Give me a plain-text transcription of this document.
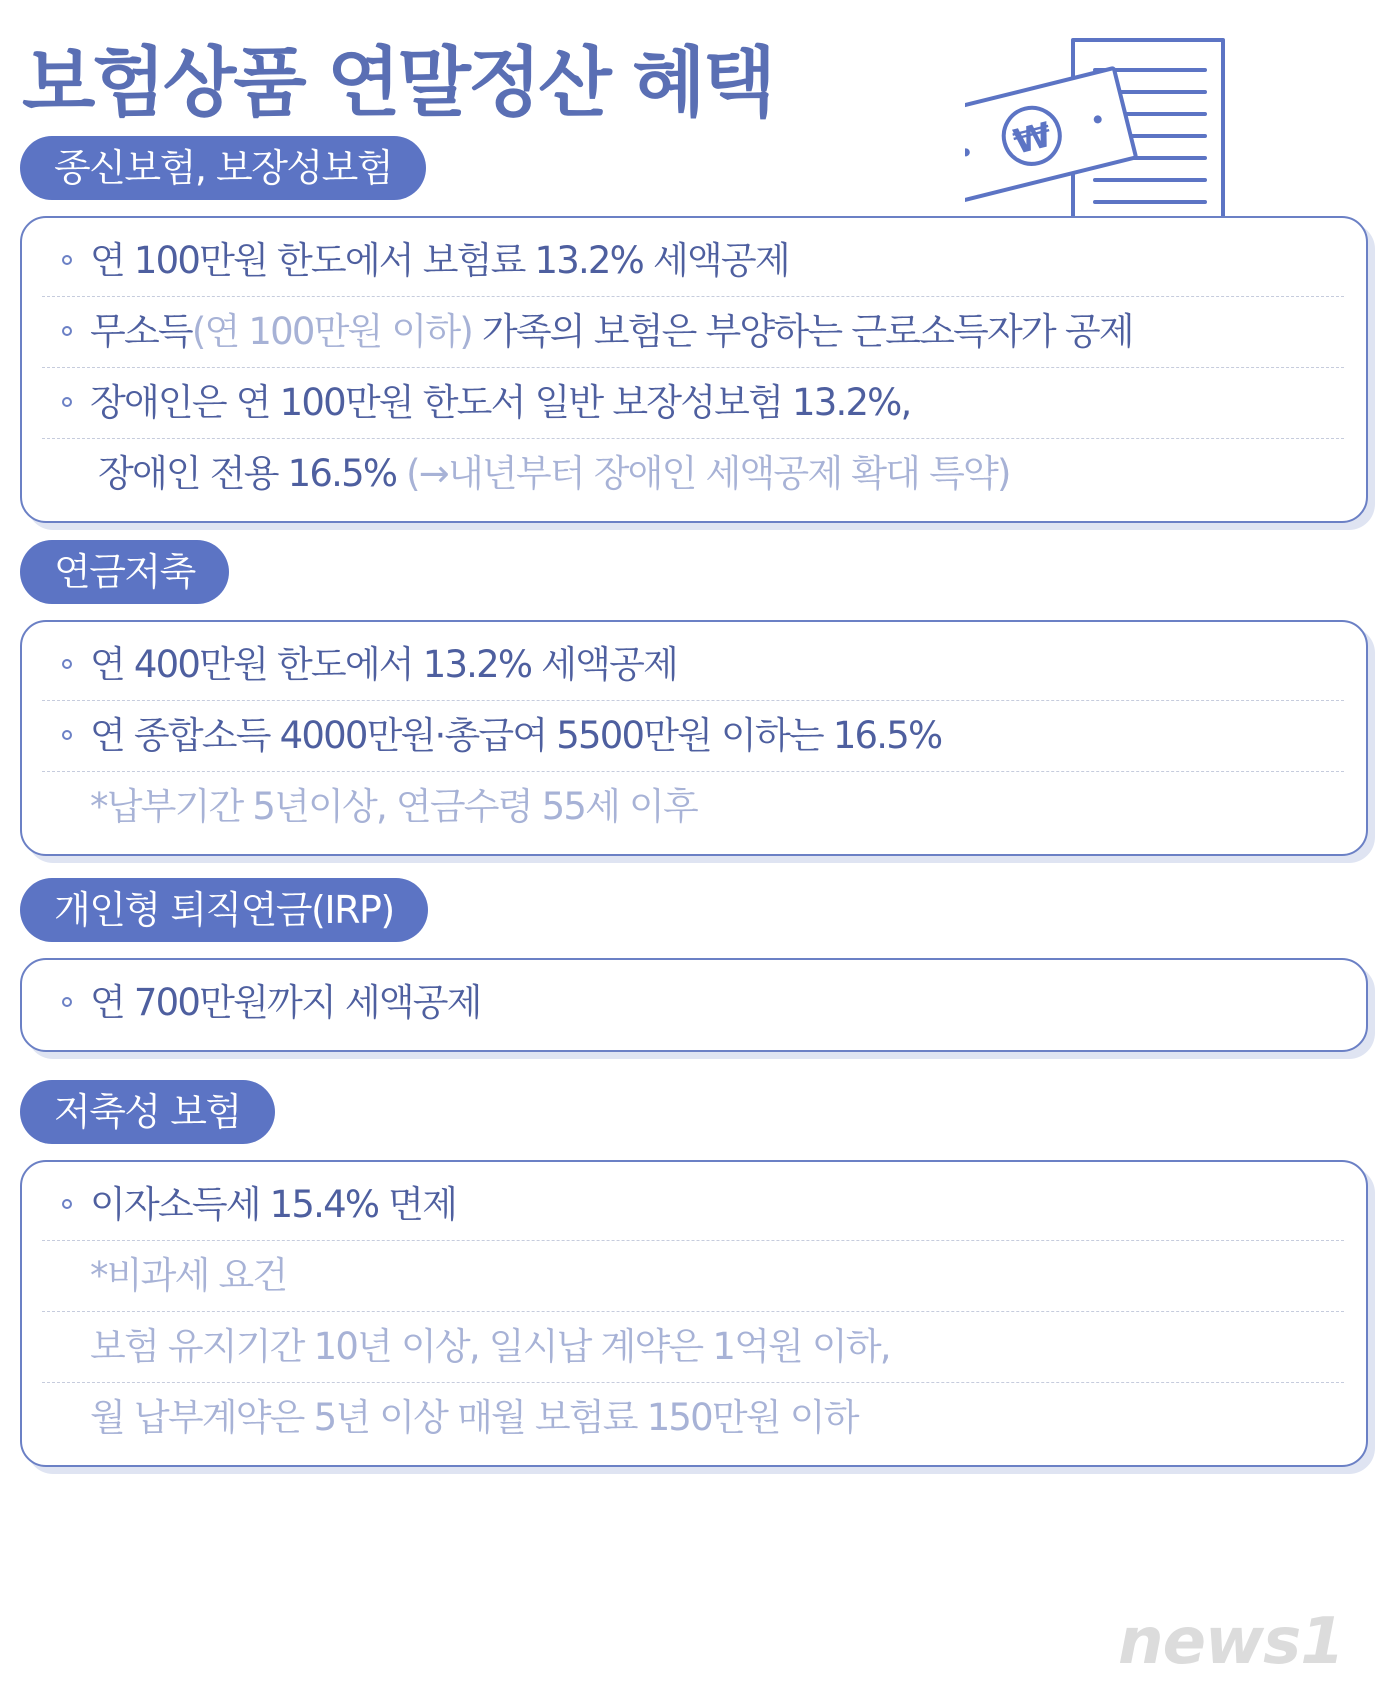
보험상품 연말정산 혜택
₩
종신보험, 보장성보험
연 100만원 한도에서 보험료 13.2% 세액공제
무소득(연 100만원 이하) 가족의 보험은 부양하는 근로소득자가 공제
장애인은 연 100만원 한도서 일반 보장성보험 13.2%,
장애인 전용 16.5% (→내년부터 장애인 세액공제 확대 특약)
연금저축
연 400만원 한도에서 13.2% 세액공제
연 종합소득 4000만원·총급여 5500만원 이하는 16.5%
*납부기간 5년이상, 연금수령 55세 이후
개인형 퇴직연금(IRP)
연 700만원까지 세액공제
저축성 보험
이자소득세 15.4% 면제
*비과세 요건
보험 유지기간 10년 이상, 일시납 계약은 1억원 이하,
월 납부계약은 5년 이상 매월 보험료 150만원 이하
news1
